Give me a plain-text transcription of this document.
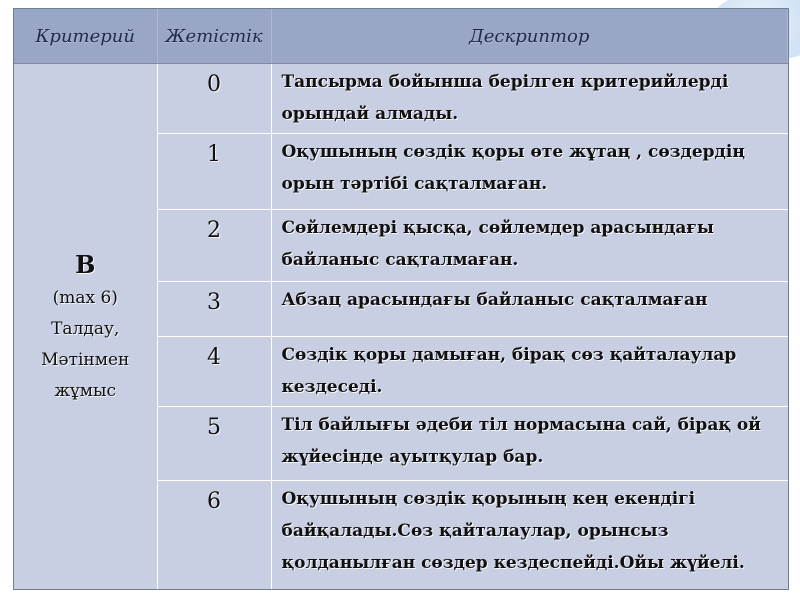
Критерий	Жетістік	Дескриптор

В
(max 6)
Талдау,
Мәтінмен
жұмыс	0	Тапсырма бойынша берілген критерийлерді орындай алмады.
	1	Оқушының сөздік қоры өте жұтаң , сөздердің орын тәртібі сақталмаған.
	2	Сөйлемдері қысқа, сөйлемдер арасындағы байланыс сақталмаған.
	3	Абзац арасындағы байланыс сақталмаған
	4	Сөздік қоры дамыған, бірақ сөз қайталаулар кездеседі.
	5	Тіл байлығы әдеби тіл нормасына сай, бірақ ой жүйесінде ауытқулар бар.
	6	Оқушының сөздік қорының кең екендігі байқалады.Сөз қайталаулар, орынсыз қолданылған сөздер кездеспейді.Ойы жүйелі.
